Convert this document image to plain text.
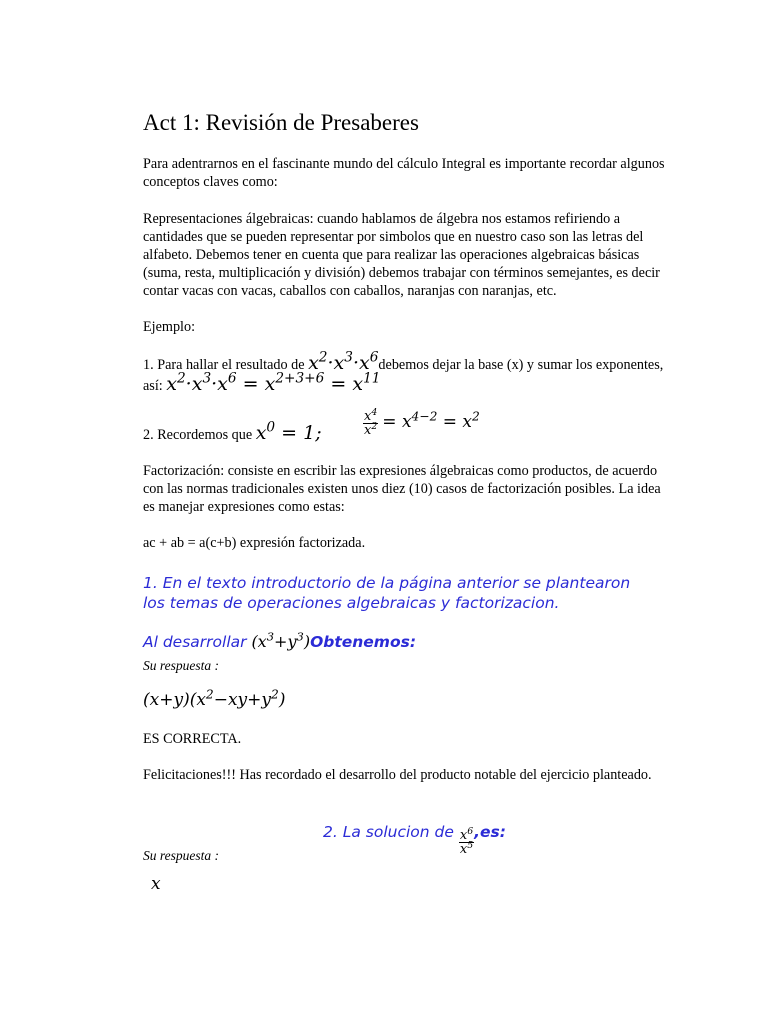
Act 1: Revisión de Presaberes

Para adentrarnos en el fascinante mundo del cálculo Integral es importante recordar algunos

conceptos claves como:

Representaciones álgebraicas: cuando hablamos de álgebra nos estamos refiriendo a

cantidades que se pueden representar por simbolos que en nuestro caso son las letras del

alfabeto. Debemos tener en cuenta que para realizar las operaciones algebraicas básicas

(suma, resta, multiplicación y división) debemos trabajar con términos semejantes, es decir

contar vacas con vacas, caballos con caballos, naranjas con naranjas, etc.

Ejemplo:

1. Para hallar el resultado de $x^2\cdot x^3\cdot x^6debemos$ dejar la base (x) y sumar los exponentes,

así: $x^2\cdot x^3\cdot x^6 = x^{2+3+6} = x^{11}$

2. Recordemos que $x^0 = 1$;	$\frac{x^4}{x^2} = x^{4-2} = x^2$

Factorización: consiste en escribir las expresiones álgebraicas como productos, de acuerdo

con las normas tradicionales existen unos diez (10) casos de factorización posibles. La idea

es manejar expresiones como estas:

ac + ab = a(c+b) expresión factorizada.

1. En el texto introductorio de la página anterior se plantearon
los temas de operaciones algebraicas y factorizacion.
Al desarrollar $(x^3+y^3)Obtenemos$:
Su respuesta :
$(x+y)(x^2-xy+y^2)$

ES CORRECTA.

Felicitaciones!!! Has recordado el desarrollo del producto notable del ejercicio planteado.

2. La solucion de $\frac{x^6}{x^5} ,es$:
Su respuesta :
x
